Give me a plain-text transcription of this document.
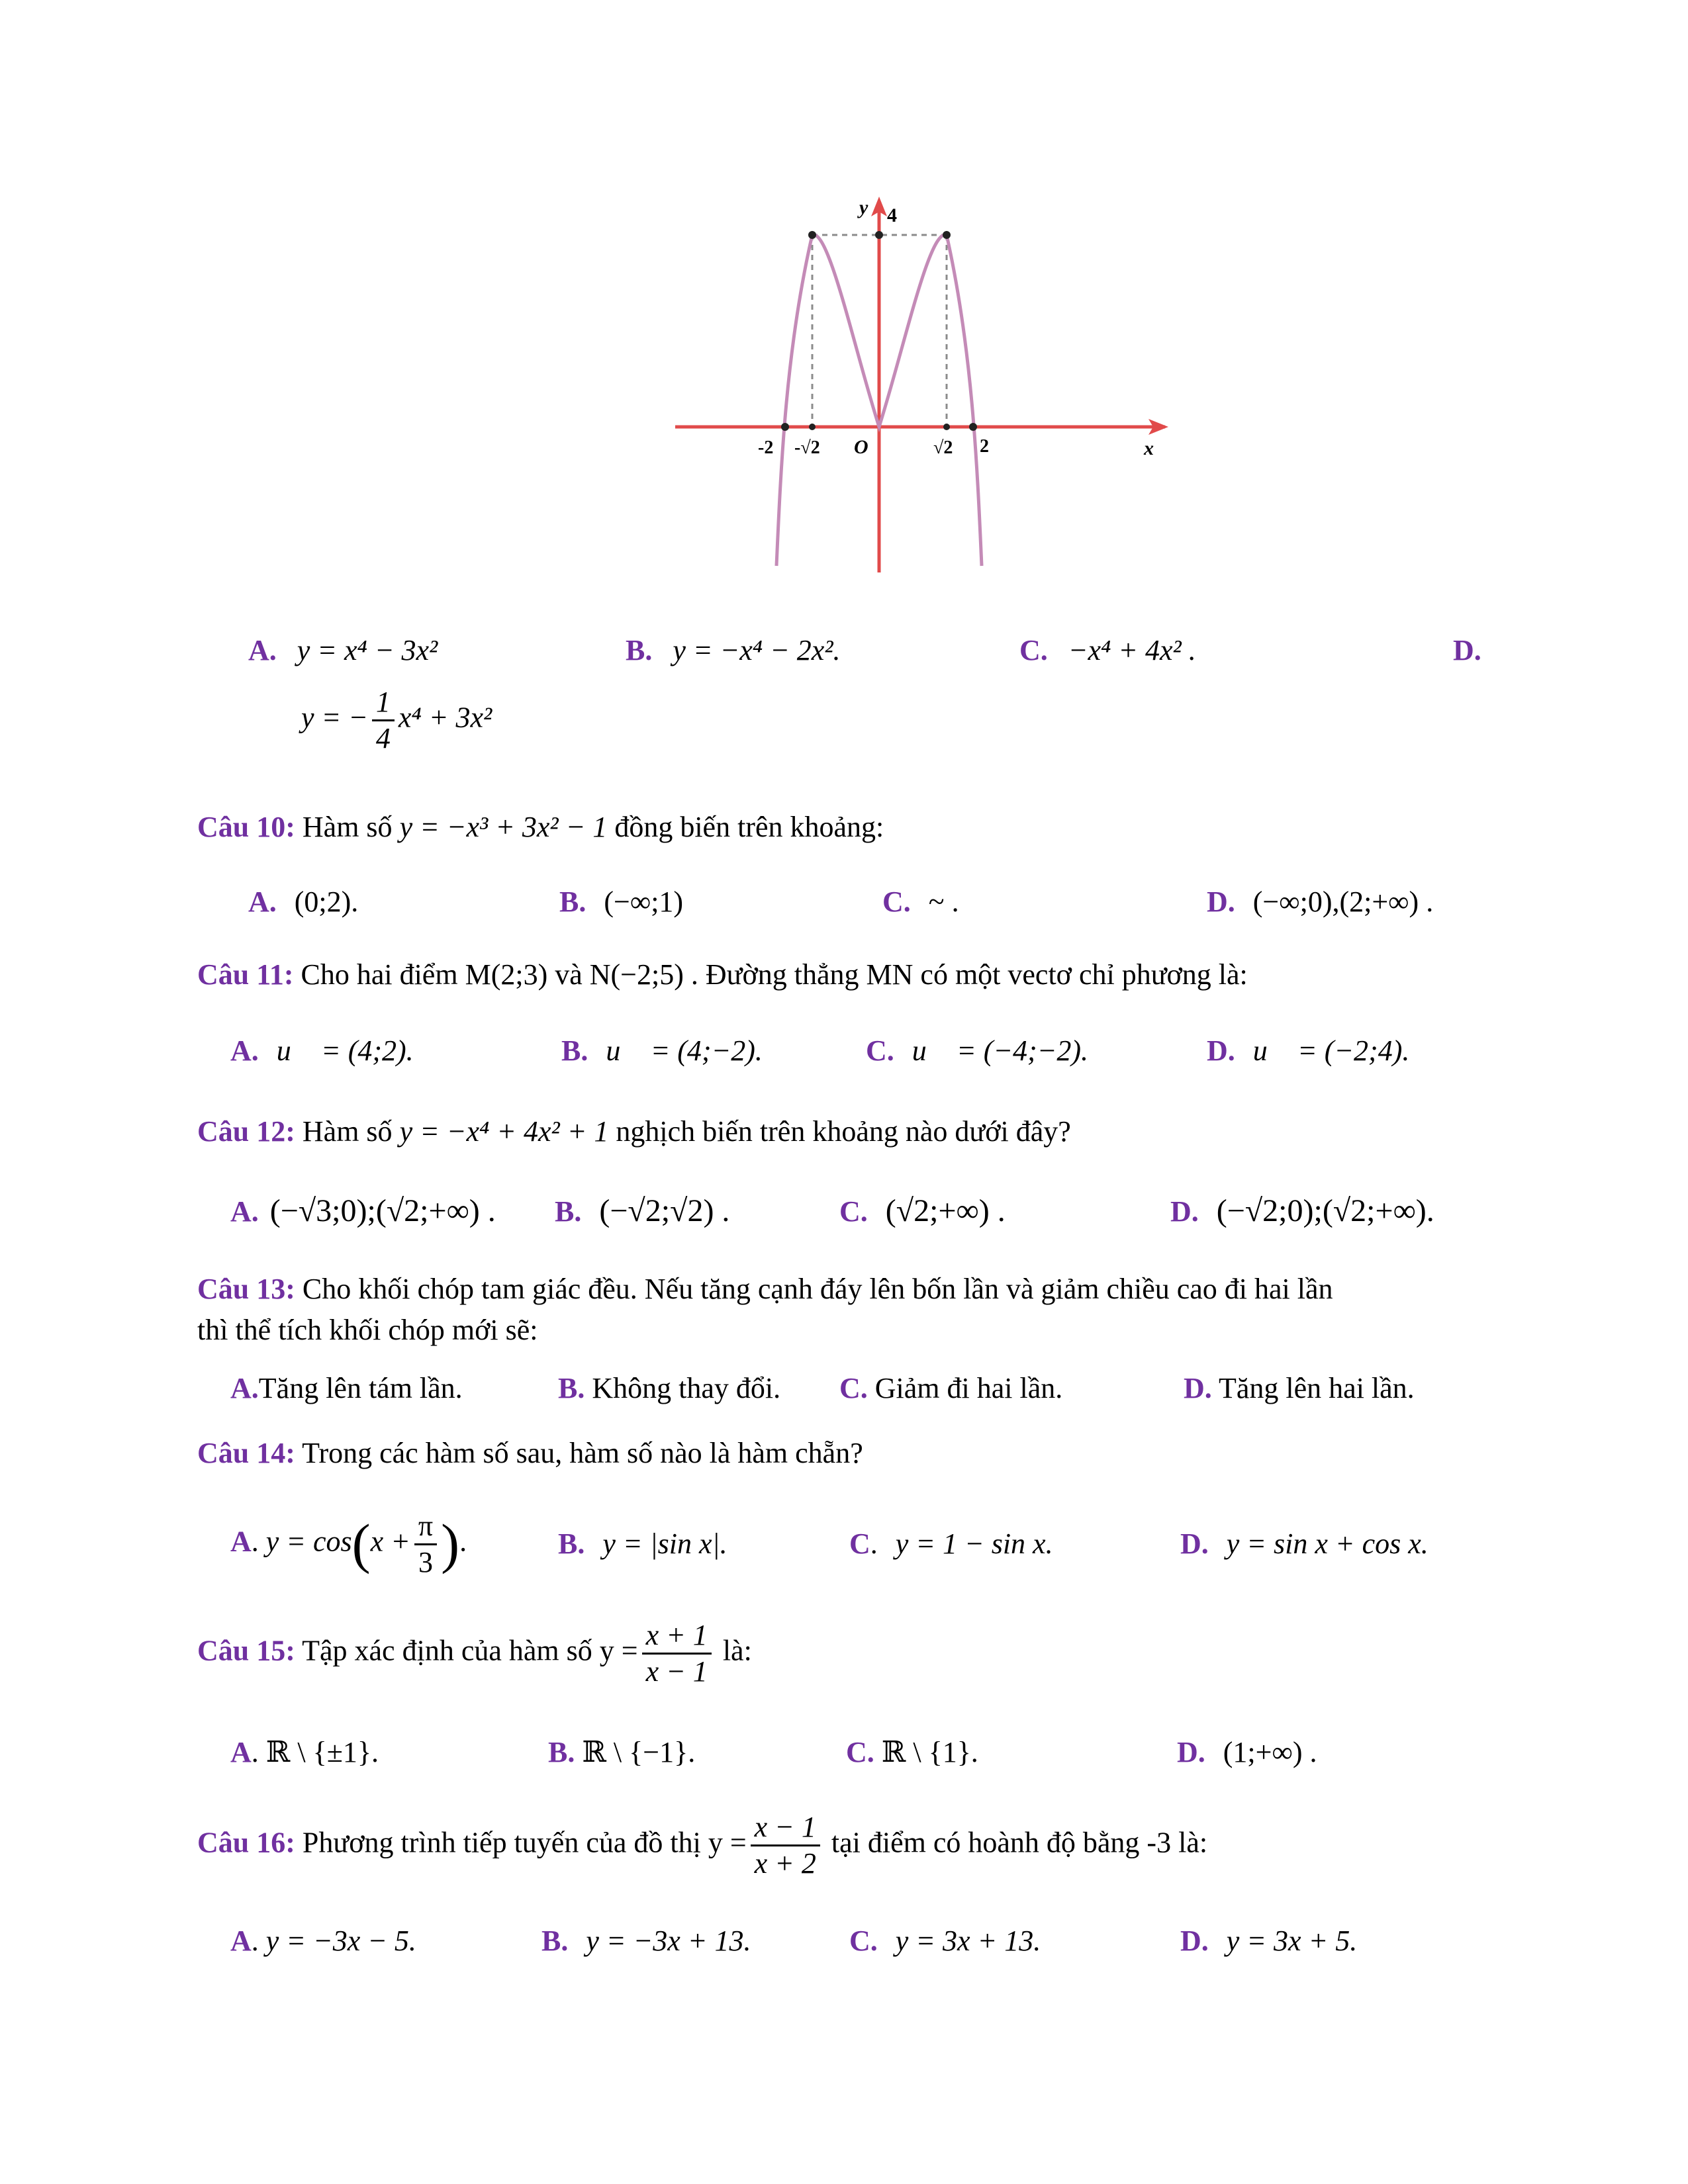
y 4
O	x
-2 -√2	√2 2
A. y = x⁴ − 3x²	B. y = −x⁴ − 2x².	C. −x⁴ + 4x² .	D.
y = − $\frac{1}{4} x^4 + 3x^2$
Câu 10: Hàm số y = −x³ + 3x² − 1 đồng biến trên khoảng:
A. (0;2).	B. (−∞;1)	C. ~ .	D. (−∞;0),(2;+∞) .
Câu 11: Cho hai điểm M(2;3) và N(−2;5) . Đường thẳng MN có một vectơ chỉ phương là:
A. u⃗ = (4;2).	B. u⃗ = (4;−2).	C. u⃗ = (−4;−2).	D. u⃗ = (−2;4).
Câu 12: Hàm số y = −x⁴ + 4x² + 1 nghịch biến trên khoảng nào dưới đây?
A. (−√3;0);(√2;+∞) . B. (−√2;√2) .	C. (√2;+∞) .	D. (−√2;0);(√2;+∞).
Câu 13: Cho khối chóp tam giác đều. Nếu tăng cạnh đáy lên bốn lần và giảm chiều cao đi hai lần
thì thể tích khối chóp mới sẽ:
A.Tăng lên tám lần.	B. Không thay đổi. C. Giảm đi hai lần.	D. Tăng lên hai lần.
Câu 14: Trong các hàm số sau, hàm số nào là hàm chẵn?
A. $y = \cos(x + \frac{\pi}{3}$ ).	B. y = |sin x|.	C. y = 1 − sin x.	D. y = sin x + cos x.
Câu 15: Tập xác định của hàm số $y = \frac{x + 1}{x - 1}$ là:
A. ℝ \ {±1}.	B. ℝ \ {−1}.	C. ℝ \ {1}.	D. (1;+∞) .
Câu 16: Phương trình tiếp tuyến của đồ thị $y = \frac{x - 1}{x + 2}$ tại điểm có hoành độ bằng -3 là:
A. y = −3x − 5.	B. y = −3x + 13.	C. y = 3x + 13.	D. y = 3x + 5.
